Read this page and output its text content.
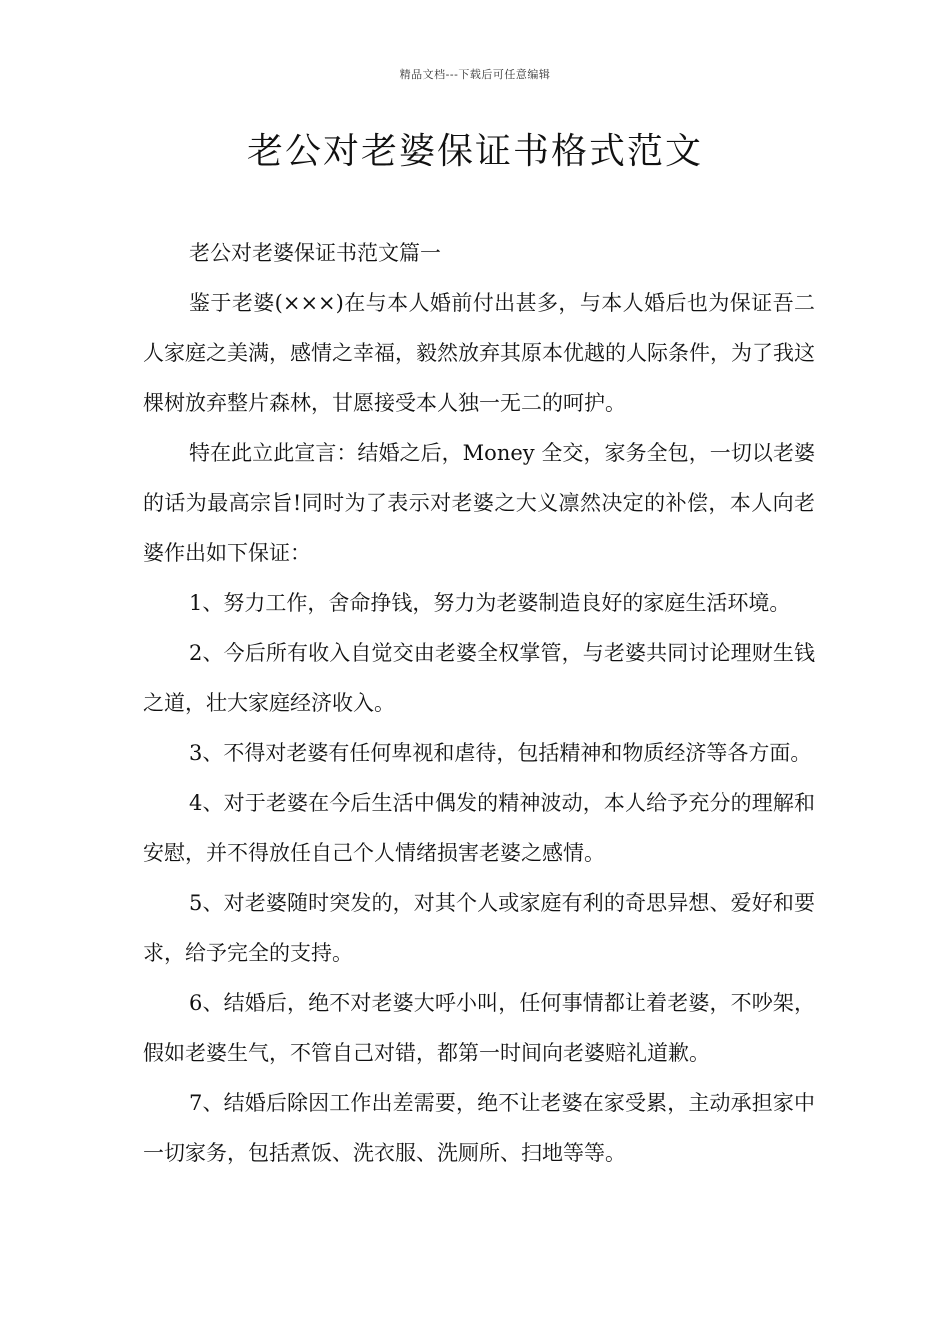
精品文档---下载后可任意编辑
老公对老婆保证书格式范文

老公对老婆保证书范文篇一

鉴于老婆(×××)在与本人婚前付出甚多，与本人婚后也为保证吾二人家庭之美满，感情之幸福，毅然放弃其原本优越的人际条件，为了我这棵树放弃整片森林，甘愿接受本人独一无二的呵护。

特在此立此宣言：结婚之后，Money 全交，家务全包，一切以老婆的话为最高宗旨!同时为了表示对老婆之大义凛然决定的补偿，本人向老婆作出如下保证：

1、努力工作，舍命挣钱，努力为老婆制造良好的家庭生活环境。

2、今后所有收入自觉交由老婆全权掌管，与老婆共同讨论理财生钱之道，壮大家庭经济收入。

3、不得对老婆有任何卑视和虐待，包括精神和物质经济等各方面。

4、对于老婆在今后生活中偶发的精神波动，本人给予充分的理解和安慰，并不得放任自己个人情绪损害老婆之感情。

5、对老婆随时突发的，对其个人或家庭有利的奇思异想、爱好和要求，给予完全的支持。

6、结婚后，绝不对老婆大呼小叫，任何事情都让着老婆，不吵架，假如老婆生气，不管自己对错，都第一时间向老婆赔礼道歉。

7、结婚后除因工作出差需要，绝不让老婆在家受累，主动承担家中一切家务，包括煮饭、洗衣服、洗厕所、扫地等等。
